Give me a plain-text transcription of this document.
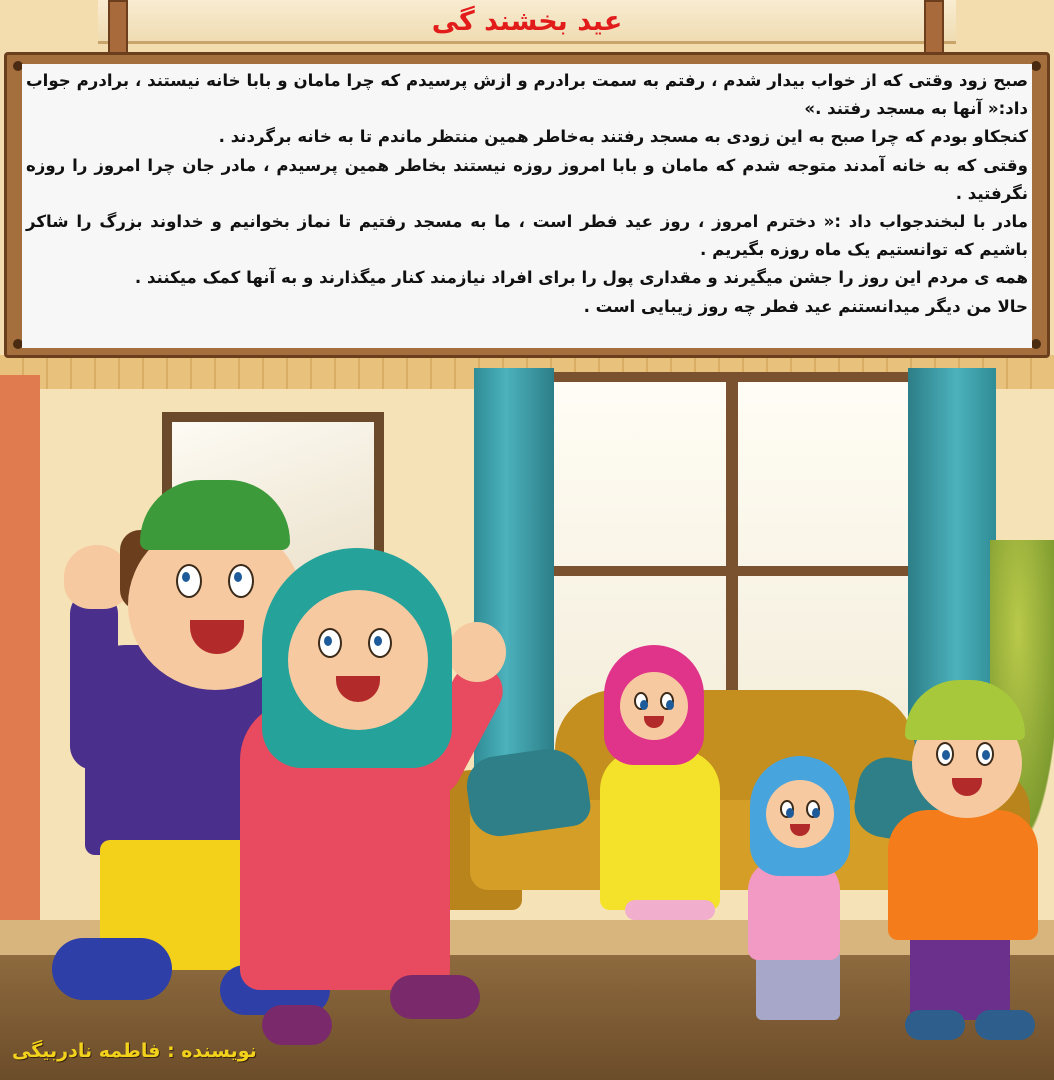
عید بخشند گی

صبح زود وقتی که از خواب بیدار شدم ، رفتم به سمت برادرم و ازش پرسیدم که چرا مامان و بابا خانه نیستند ، برادرم جواب داد:« آنها به مسجد رفتند .»

کنجکاو بودم که چرا صبح به این زودی به مسجد رفتند به‌خاطر همین منتظر ماندم تا به خانه برگردند .

وقتی که به خانه آمدند متوجه شدم که مامان و بابا امروز روزه نیستند بخاطر همین پرسیدم ، مادر جان چرا امروز را روزه نگرفتید .

مادر با لبخندجواب داد :« دخترم امروز ، روز عید فطر است ، ما به مسجد رفتیم تا نماز بخوانیم و خداوند بزرگ را شاکر باشیم که توانستیم یک ماه روزه بگیریم .

همه ی مردم این روز را جشن میگیرند و مقداری پول را برای افراد نیازمند کنار میگذارند و به آنها کمک میکنند .

حالا من دیگر میدانستنم عید فطر چه روز زیبایی است .

نویسنده : فاطمه نادربیگی
